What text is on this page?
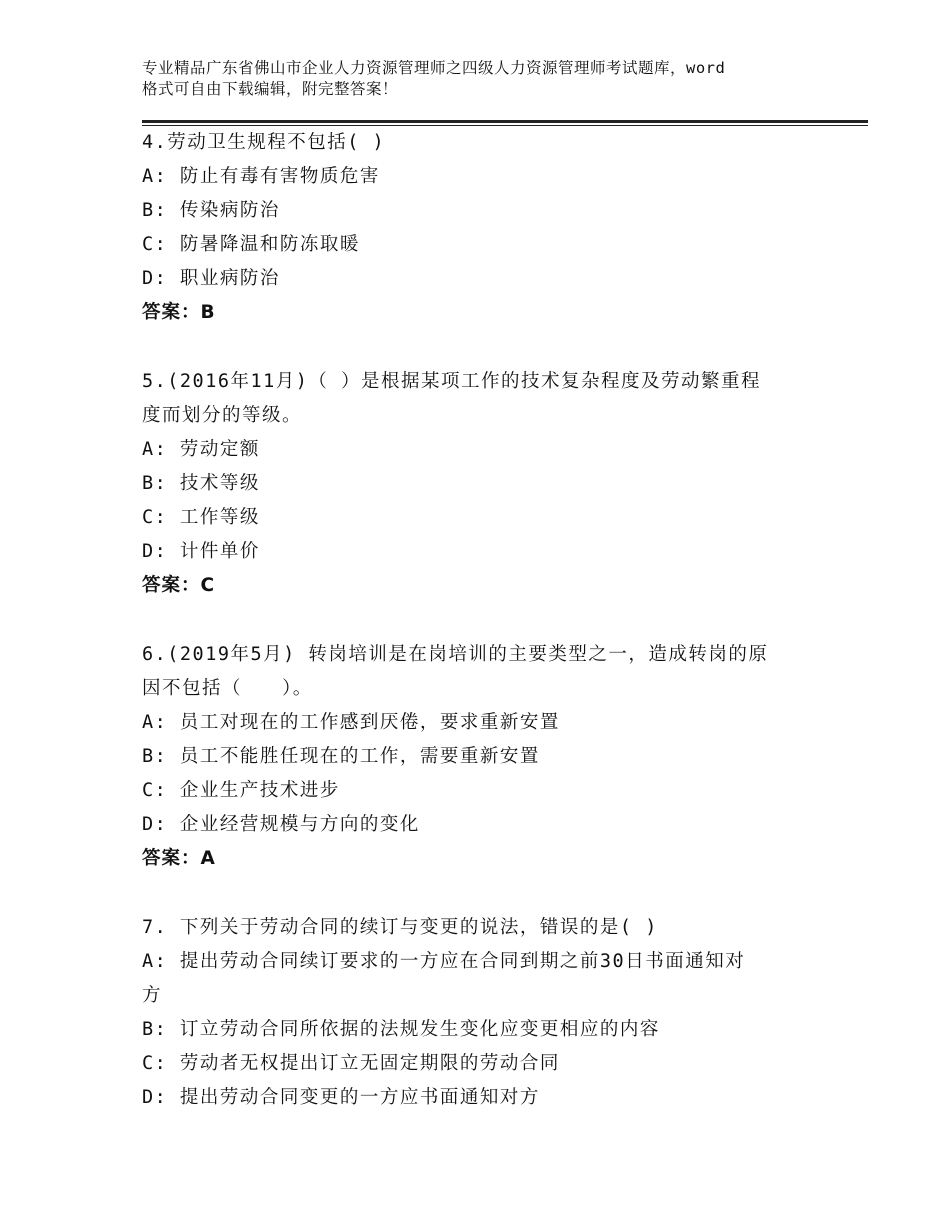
专业精品广东省佛山市企业人力资源管理师之四级人力资源管理师考试题库，word
格式可自由下载编辑，附完整答案！
4.劳动卫生规程不包括( )
A: 防止有毒有害物质危害
B: 传染病防治
C: 防暑降温和防冻取暖
D: 职业病防治
答案：B
5.(2016年11月)（ ）是根据某项工作的技术复杂程度及劳动繁重程
度而划分的等级。
A: 劳动定额
B: 技术等级
C: 工作等级
D: 计件单价
答案：C
6.(2019年5月) 转岗培训是在岗培训的主要类型之一，造成转岗的原
因不包括（　　）。
A: 员工对现在的工作感到厌倦，要求重新安置
B: 员工不能胜任现在的工作，需要重新安置
C: 企业生产技术进步
D: 企业经营规模与方向的变化
答案：A
7. 下列关于劳动合同的续订与变更的说法，错误的是( )
A: 提出劳动合同续订要求的一方应在合同到期之前30日书面通知对
方
B: 订立劳动合同所依据的法规发生变化应变更相应的内容
C: 劳动者无权提出订立无固定期限的劳动合同
D: 提出劳动合同变更的一方应书面通知对方
